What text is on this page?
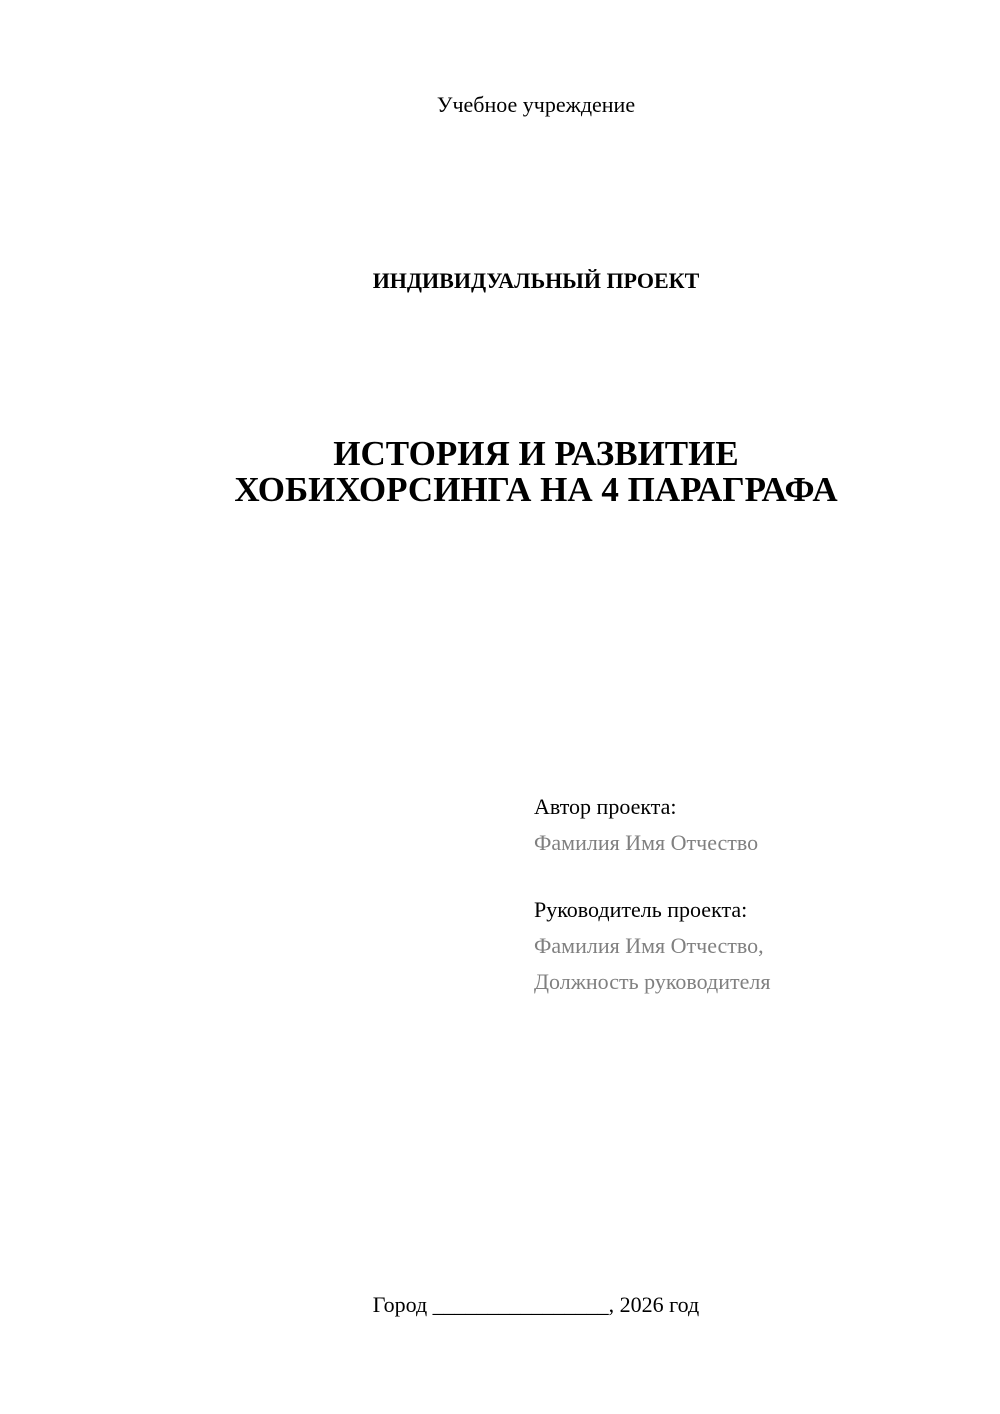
Учебное учреждение
ИНДИВИДУАЛЬНЫЙ ПРОЕКТ
ИСТОРИЯ И РАЗВИТИЕ
ХОБИХОРСИНГА НА 4 ПАРАГРАФА
Автор проекта:
Фамилия Имя Отчество
Руководитель проекта:
Фамилия Имя Отчество,
Должность руководителя
Город ________________, 2026 год
